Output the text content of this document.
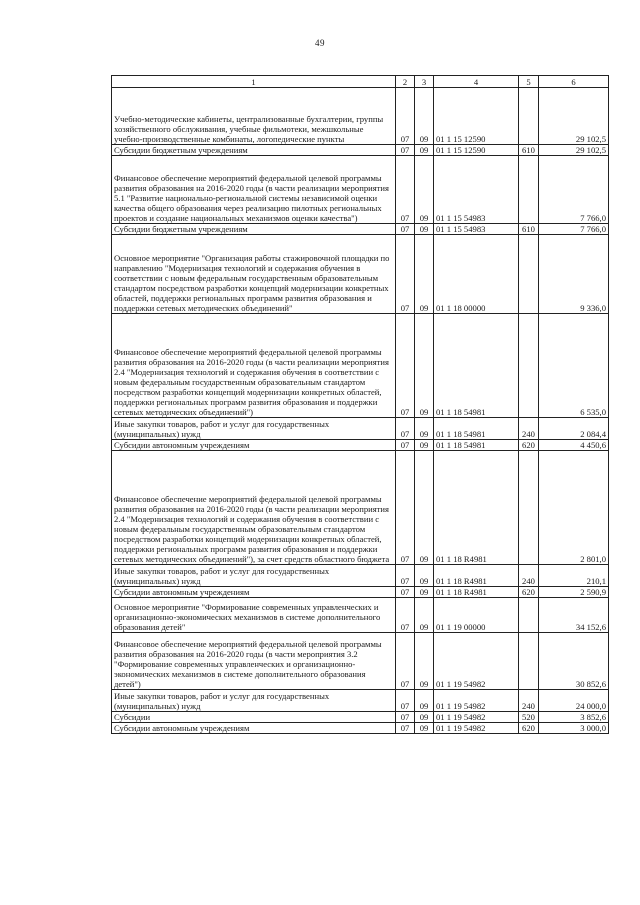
49
1	2	3	4	5	6
Учебно-методические кабинеты, централизованные бухгалтерии, группы хозяйственного обслуживания, учебные фильмотеки, межшкольные учебно-производственные комбинаты, логопедические пункты	07	09	01 1 15 12590		29 102,5
Субсидии бюджетным учреждениям	07	09	01 1 15 12590	610	29 102,5
Финансовое обеспечение мероприятий федеральной целевой программы развития образования на 2016-2020 годы (в части реализации мероприятия 5.1 "Развитие национально-региональной системы независимой оценки качества общего образования через реализацию пилотных региональных проектов и создание национальных механизмов оценки качества")	07	09	01 1 15 54983		7 766,0
Субсидии бюджетным учреждениям	07	09	01 1 15 54983	610	7 766,0
Основное мероприятие "Организация работы стажировочной площадки по направлению "Модернизация технологий и содержания обучения в соответствии с новым федеральным государственным образовательным стандартом посредством разработки концепций модернизации конкретных областей, поддержки региональных программ развития образования и поддержки сетевых методических объединений"	07	09	01 1 18 00000		9 336,0
Финансовое обеспечение мероприятий федеральной целевой программы развития образования на 2016-2020 годы (в части реализации мероприятия 2.4 "Модернизация технологий и содержания обучения в соответствии с новым федеральным государственным образовательным стандартом посредством разработки концепций модернизации конкретных областей, поддержки региональных программ развития образования и поддержки сетевых методических объединений")	07	09	01 1 18 54981		6 535,0
Иные закупки товаров, работ и услуг для государственных (муниципальных) нужд	07	09	01 1 18 54981	240	2 084,4
Субсидии автономным учреждениям	07	09	01 1 18 54981	620	4 450,6
Финансовое обеспечение мероприятий федеральной целевой программы развития образования на 2016-2020 годы (в части реализации мероприятия 2.4 "Модернизация технологий и содержания обучения в соответствии с новым федеральным государственным образовательным стандартом посредством разработки концепций модернизации конкретных областей, поддержки региональных программ развития образования и поддержки сетевых методических объединений"), за счет средств областного бюджета	07	09	01 1 18 R4981		2 801,0
Иные закупки товаров, работ и услуг для государственных (муниципальных) нужд	07	09	01 1 18 R4981	240	210,1
Субсидии автономным учреждениям	07	09	01 1 18 R4981	620	2 590,9
Основное мероприятие "Формирование современных управленческих и организационно-экономических механизмов в системе дополнительного образования детей"	07	09	01 1 19 00000		34 152,6
Финансовое обеспечение мероприятий федеральной целевой программы развития образования на 2016-2020 годы (в части мероприятия 3.2 "Формирование современных управленческих и организационно-экономических механизмов в системе дополнительного образования детей")	07	09	01 1 19 54982		30 852,6
Иные закупки товаров, работ и услуг для государственных (муниципальных) нужд	07	09	01 1 19 54982	240	24 000,0
Субсидии	07	09	01 1 19 54982	520	3 852,6
Субсидии автономным учреждениям	07	09	01 1 19 54982	620	3 000,0
